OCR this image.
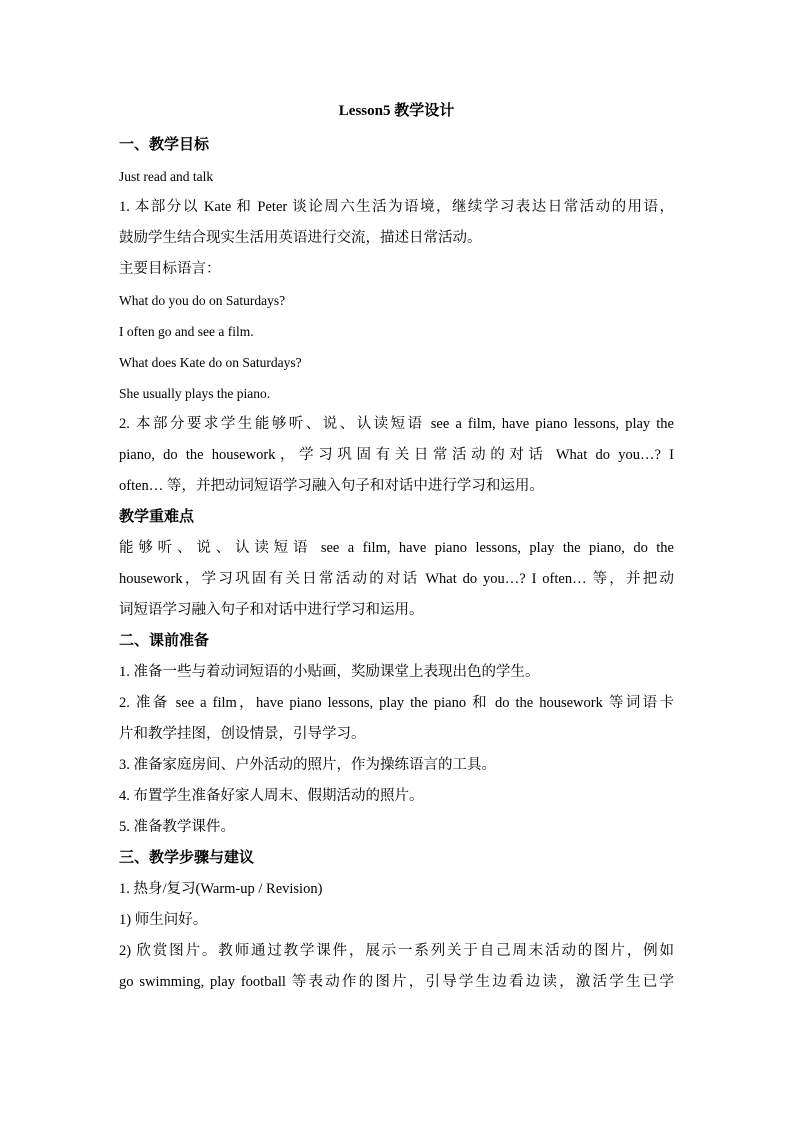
Lesson5 教学设计
一、教学目标
Just read and talk
1. 本部分以 Kate 和 Peter 谈论周六生活为语境，继续学习表达日常活动的用语，
鼓励学生结合现实生活用英语进行交流，描述日常活动。
主要目标语言：
What do you do on Saturdays?
I often go and see a film.
What does Kate do on Saturdays?
She usually plays the piano.
2. 本部分要求学生能够听、说、认读短语 see a film, have piano lessons, play the
piano, do the housework，学习巩固有关日常活动的对话 What do you…? I
often… 等，并把动词短语学习融入句子和对话中进行学习和运用。
教学重难点
能够听、说、认读短语 see a film, have piano lessons, play the piano, do the
housework，学习巩固有关日常活动的对话 What do you…? I often… 等，并把动
词短语学习融入句子和对话中进行学习和运用。
二、课前准备
1. 准备一些与着动词短语的小贴画，奖励课堂上表现出色的学生。
2. 准备 see a film，have piano lessons, play the piano 和 do the housework 等词语卡
片和教学挂图，创设情景，引导学习。
3. 准备家庭房间、户外活动的照片，作为操练语言的工具。
4. 布置学生准备好家人周末、假期活动的照片。
5. 准备教学课件。
三、教学步骤与建议
1. 热身/复习(Warm-up / Revision)
1) 师生问好。
2) 欣赏图片。教师通过教学课件，展示一系列关于自己周末活动的图片，例如
go swimming, play football 等表动作的图片，引导学生边看边读，激活学生已学
